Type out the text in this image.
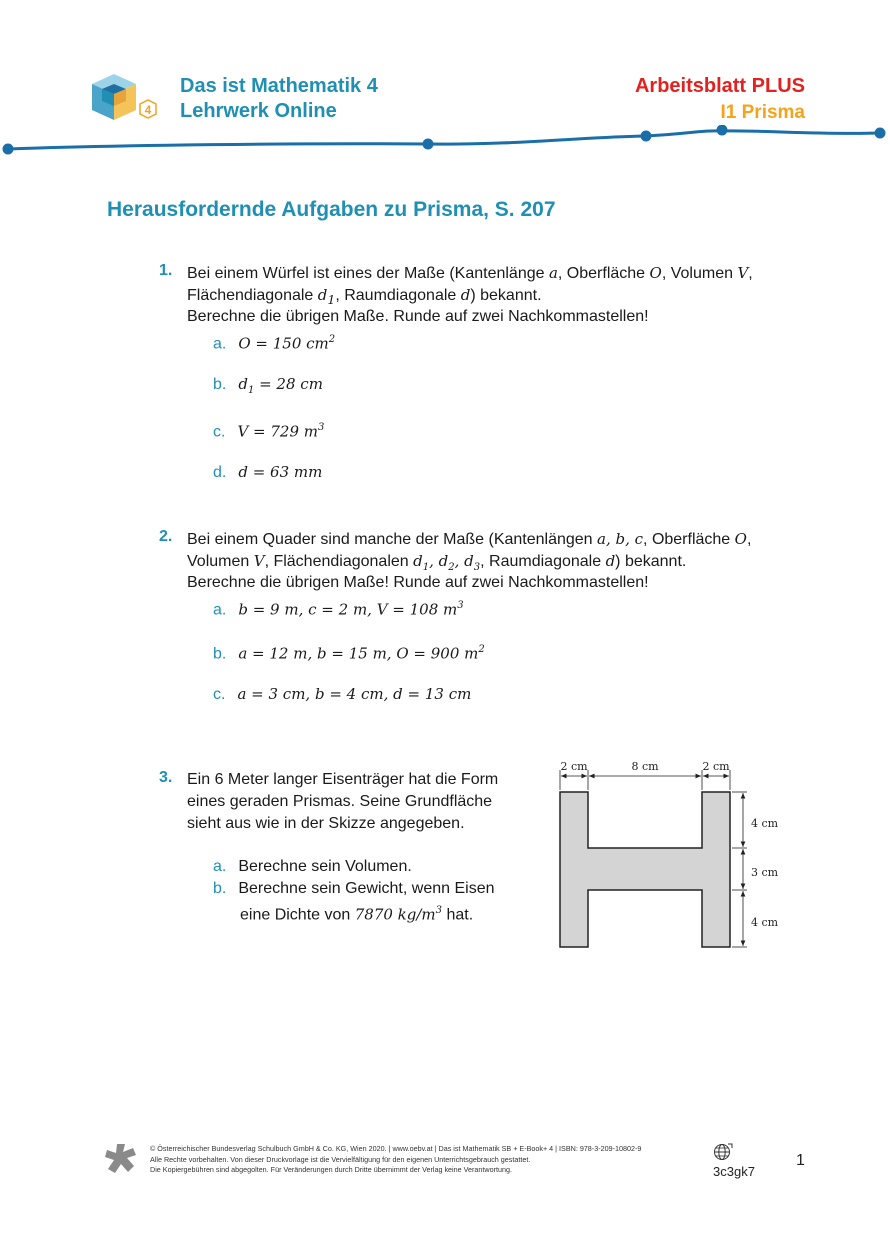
4
Das ist Mathematik 4
Lehrwerk Online
Arbeitsblatt PLUS
I1 Prisma
Herausfordernde Aufgaben zu Prisma, S. 207
1. Bei einem Würfel ist eines der Maße (Kantenlänge a, Oberfläche O, Volumen V,
Flächendiagonale $d_1$, Raumdiagonale d) bekannt.
Berechne die übrigen Maße. Runde auf zwei Nachkommastellen!
a. O = 150 $cm^2$
b. $d_1 = 28$ cm
c. V = 729 $m^3$
d. d = 63 mm
2. Bei einem Quader sind manche der Maße (Kantenlängen a, b, c, Oberfläche O,
Volumen V, Flächendiagonalen $d_1$, $d_2$, $d_3$, Raumdiagonale d) bekannt.
Berechne die übrigen Maße! Runde auf zwei Nachkommastellen!
a. b = 9 m, c = 2 m, V = 108 $m^3$
b. a = 12 m, b = 15 m, O = 900 $m^2$
c. a = 3 cm, b = 4 cm, d = 13 cm
3. Ein 6 Meter langer Eisenträger hat die Form
eines geraden Prismas. Seine Grundfläche
sieht aus wie in der Skizze angegeben.
a. Berechne sein Volumen.
b. Berechne sein Gewicht, wenn Eisen
eine Dichte von 7870 $kg/m^3$ hat.
2 cm	8 cm	2 cm
4 cm
3 cm
4 cm
© Österreichischer Bundesverlag Schulbuch GmbH & Co. KG, Wien 2020. | www.oebv.at | Das ist Mathematik SB + E-Book+ 4 | ISBN: 978-3-209-10802-9
Alle Rechte vorbehalten. Von dieser Druckvorlage ist die Vervielfältigung für den eigenen Unterrichtsgebrauch gestattet.
Die Kopiergebühren sind abgegolten. Für Veränderungen durch Dritte übernimmt der Verlag keine Verantwortung.	3c3gk7
1
